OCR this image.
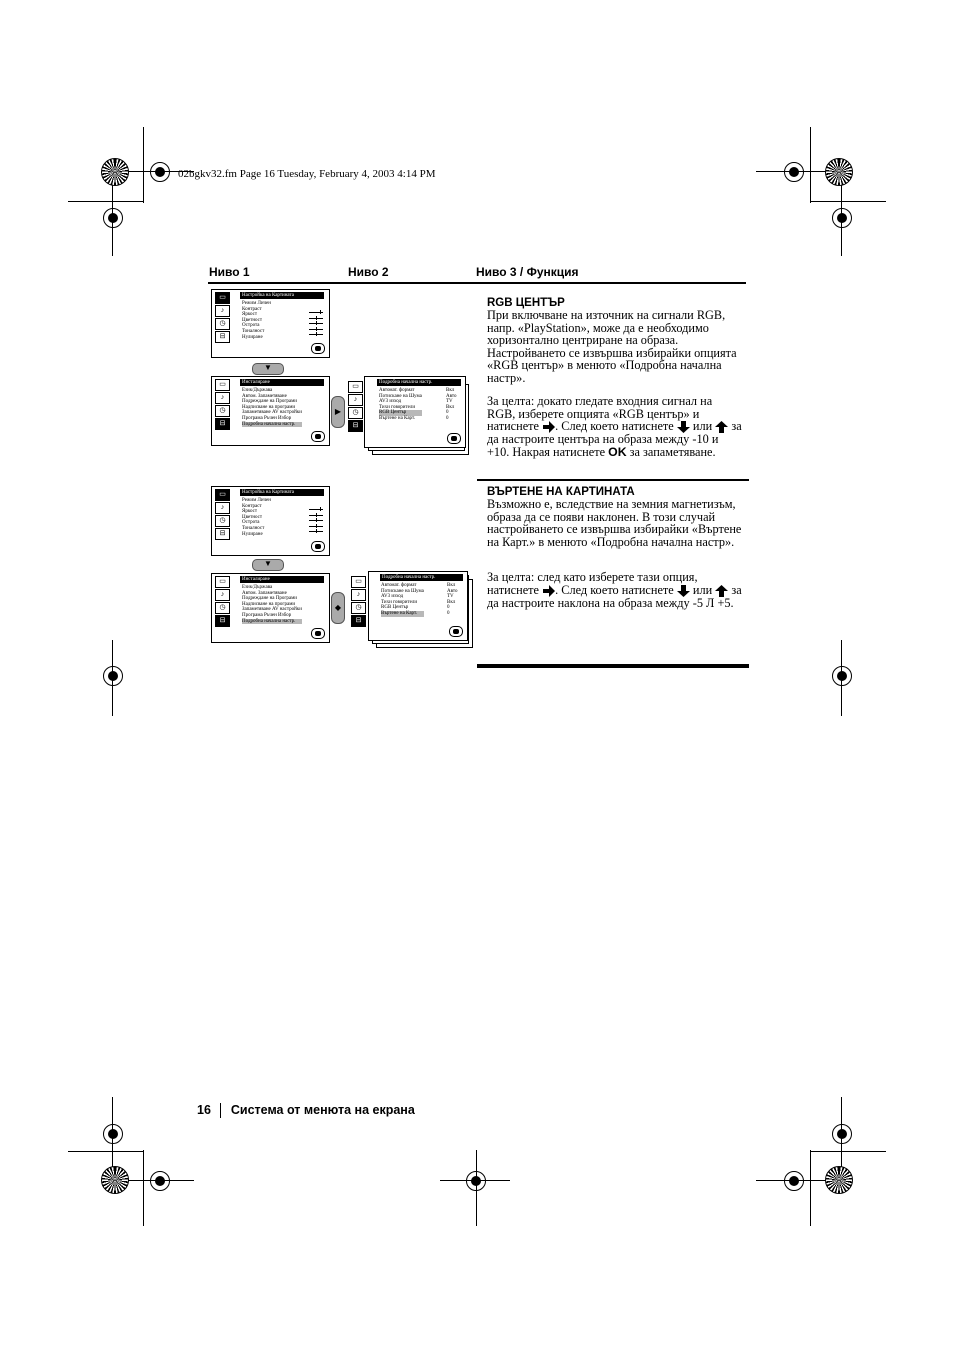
02bgkv32.fm Page 16 Tuesday, February 4, 2003 4:14 PM
Ниво 1	Ниво 2	Ниво 3 / Функция
▭
♪
◷
⊟
Настройка на Картината
Режим Личен
Контраст
Яркост
Цветност
Острота
Тоналност
Нулиране
▼
▭
♪
◷
⊟
Инсталиране
Език/Държава
Автом. Запаметяване
Подреждане на Програми
Надписване на програми
Запаметяване AV настройки
Програма Ръчен Избор
Подробна начална настр.
▶
▭
♪
◷
⊟
Подробна начална настр.
Автомат. формат
Потискане на Шума
AV3 изход
Тихи говорители
RGB Център
Въртене на Карт.
Вкл
Авто
TV
Вкл
0
0
▭
♪
◷
⊟
Настройка на Картината
Режим Личен
Контраст
Яркост
Цветност
Острота
Тоналност
Нулиране
▼
▭
♪
◷
⊟
Инсталиране
Език/Държава
Автом. Запаметяване
Подреждане на Програми
Надписване на програми
Запаметяване AV настройки
Програма Ръчен Избор
Подробна начална настр.
◆
▭
♪
◷
⊟
Подробна начална настр.
Автомат. формат
Потискане на Шума
AV3 изход
Тихи говорители
RGB Център
Въртене на Карт.
Вкл
Авто
TV
Вкл
0
0
RGB ЦЕНТЪР
При включване на източник на сигнали RGB, напр. «PlayStation», може да е необходимо хоризонтално центриране на образа. Настройването се извършва избирайки опцията «RGB център» в менюто «Подробна начална настр».
За целта: докато гледате входния сигнал на RGB, изберете опцията «RGB център» и натиснете . След което натиснете или за да настроите центъра на образа между -10 и +10. Накрая натиснете OK за запаметяване.
ВЪРТЕНЕ НА КАРТИНАТА
Възможно е, вследствие на земния магнетизъм, образа да се появи наклонен. В този случай настройването се извършва избирайки «Въртене на Карт.» в менюто «Подробна начална настр».
За целта: след като изберете тази опция, натиснете . След което натиснете или за да настроите наклона на образа между -5 Л +5.
16 Система от менюта на екрана
